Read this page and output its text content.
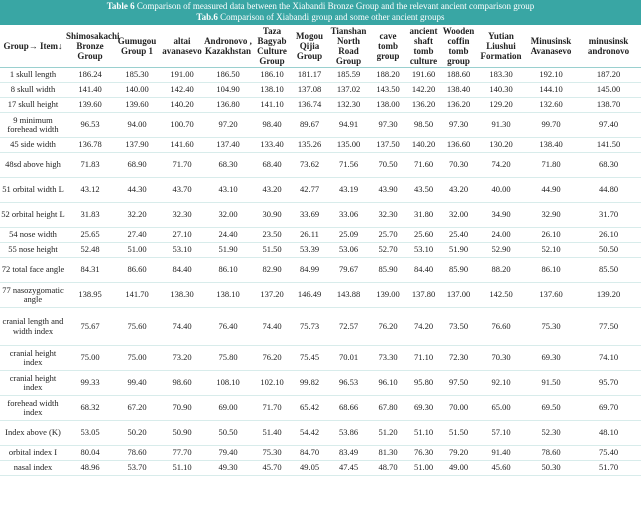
Table 6 Comparison of measured data between the Xiabandi Bronze Group and the relevant ancient comparison group
Tab.6 Comparison of Xiabandi group and some other ancient groups
Group→ Item↓	Shimosakachi Bronze Group	Gumugou Group 1	altai avanasevo	Andronovo , Kazakhstan	Taza Bagyab Culture Group	Mogou Qijia Group	Tianshan North Road Group	cave tomb group	ancient shaft tomb culture	Wooden coffin tomb group	Yutian Liushui Formation	Minusinsk Avanasevo	minusinsk andronovo
1 skull length	186.24	185.30	191.00	186.50	186.10	181.17	185.59	188.20	191.60	188.60	183.30	192.10	187.20
8 skull width	141.40	140.00	142.40	104.90	138.10	137.08	137.02	143.50	142.20	138.40	140.30	144.10	145.00
17 skull height	139.60	139.60	140.20	136.80	141.10	136.74	132.30	138.00	136.20	136.20	129.20	132.60	138.70
9 minimum forehead width	96.53	94.00	100.70	97.20	98.40	89.67	94.91	97.30	98.50	97.30	91.30	99.70	97.40
45 side width	136.78	137.90	141.60	137.40	133.40	135.26	135.00	137.50	140.20	136.60	130.20	138.40	141.50
48sd above high	71.83	68.90	71.70	68.30	68.40	73.62	71.56	70.50	71.60	70.30	74.20	71.80	68.30
51 orbital width L	43.12	44.30	43.70	43.10	43.20	42.77	43.19	43.90	43.50	43.20	40.00	44.90	44.80
52 orbital height L	31.83	32.20	32.30	32.00	30.90	33.69	33.06	32.30	31.80	32.00	34.90	32.90	31.70
54 nose width	25.65	27.40	27.10	24.40	23.50	26.11	25.09	25.70	25.60	25.40	24.00	26.10	26.10
55 nose height	52.48	51.00	53.10	51.90	51.50	53.39	53.06	52.70	53.10	51.90	52.90	52.10	50.50
72 total face angle	84.31	86.60	84.40	86.10	82.90	84.99	79.67	85.90	84.40	85.90	88.20	86.10	85.50
77 nasozygomatic angle	138.95	141.70	138.30	138.10	137.20	146.49	143.88	139.00	137.80	137.00	142.50	137.60	139.20
cranial length and width index	75.67	75.60	74.40	76.40	74.40	75.73	72.57	76.20	74.20	73.50	76.60	75.30	77.50
cranial height index	75.00	75.00	73.20	75.80	76.20	75.45	70.01	73.30	71.10	72.30	70.30	69.30	74.10
cranial height index	99.33	99.40	98.60	108.10	102.10	99.82	96.53	96.10	95.80	97.50	92.10	91.50	95.70
forehead width index	68.32	67.20	70.90	69.00	71.70	65.42	68.66	67.80	69.30	70.00	65.00	69.50	69.70
Index above (K)	53.05	50.20	50.90	50.50	51.40	54.42	53.86	51.20	51.10	51.50	57.10	52.30	48.10
orbital index I	80.04	78.60	77.70	79.40	75.30	84.70	83.49	81.30	76.30	79.20	91.40	78.60	75.40
nasal index	48.96	53.70	51.10	49.30	45.70	49.05	47.45	48.70	51.00	49.00	45.60	50.30	51.70
